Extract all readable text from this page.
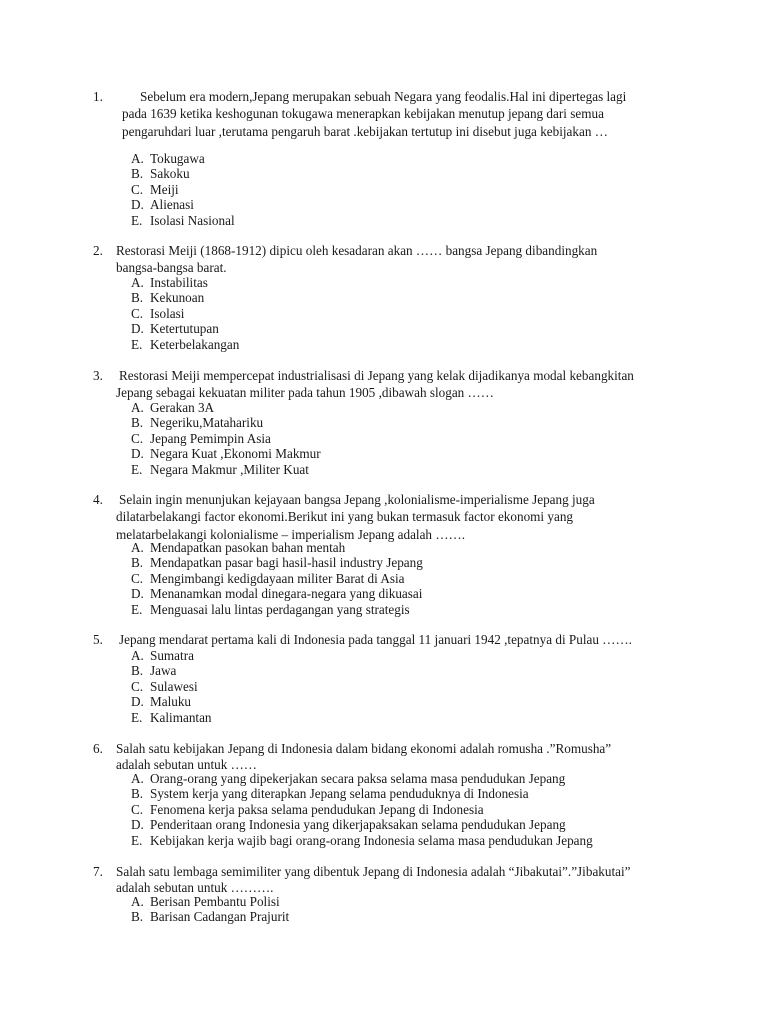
1.	Sebelum era modern,Jepang merupakan sebuah Negara yang feodalis.Hal ini dipertegas lagi
pada 1639 ketika keshogunan tokugawa menerapkan kebijakan menutup jepang dari semua
pengaruhdari luar ,terutama pengaruh barat .kebijakan tertutup ini disebut juga kebijakan …
A. Tokugawa
B. Sakoku
C. Meiji
D. Alienasi
E. Isolasi Nasional
2. Restorasi Meiji (1868-1912) dipicu oleh kesadaran akan …… bangsa Jepang dibandingkan
bangsa-bangsa barat.
A. Instabilitas
B. Kekunoan
C. Isolasi
D. Ketertutupan
E. Keterbelakangan
3. Restorasi Meiji mempercepat industrialisasi di Jepang yang kelak dijadikanya modal kebangkitan
Jepang sebagai kekuatan militer pada tahun 1905 ,dibawah slogan ……
A. Gerakan 3A
B. Negeriku,Matahariku
C. Jepang Pemimpin Asia
D. Negara Kuat ,Ekonomi Makmur
E. Negara Makmur ,Militer Kuat
4. Selain ingin menunjukan kejayaan bangsa Jepang ,kolonialisme-imperialisme Jepang juga
dilatarbelakangi factor ekonomi.Berikut ini yang bukan termasuk factor ekonomi yang
melatarbelakangi kolonialisme – imperialism Jepang adalah …….
A. Mendapatkan pasokan bahan mentah
B. Mendapatkan pasar bagi hasil-hasil industry Jepang
C. Mengimbangi kedigdayaan militer Barat di Asia
D. Menanamkan modal dinegara-negara yang dikuasai
E. Menguasai lalu lintas perdagangan yang strategis
5. Jepang mendarat pertama kali di Indonesia pada tanggal 11 januari 1942 ,tepatnya di Pulau …….
A. Sumatra
B. Jawa
C. Sulawesi
D. Maluku
E. Kalimantan
6. Salah satu kebijakan Jepang di Indonesia dalam bidang ekonomi adalah romusha .”Romusha”
adalah sebutan untuk ……
A. Orang-orang yang dipekerjakan secara paksa selama masa pendudukan Jepang
B. System kerja yang diterapkan Jepang selama penduduknya di Indonesia
C. Fenomena kerja paksa selama pendudukan Jepang di Indonesia
D. Penderitaan orang Indonesia yang dikerjapaksakan selama pendudukan Jepang
E. Kebijakan kerja wajib bagi orang-orang Indonesia selama masa pendudukan Jepang
7. Salah satu lembaga semimiliter yang dibentuk Jepang di Indonesia adalah “Jibakutai”.”Jibakutai”
adalah sebutan untuk ……….
A. Berisan Pembantu Polisi
B. Barisan Cadangan Prajurit
